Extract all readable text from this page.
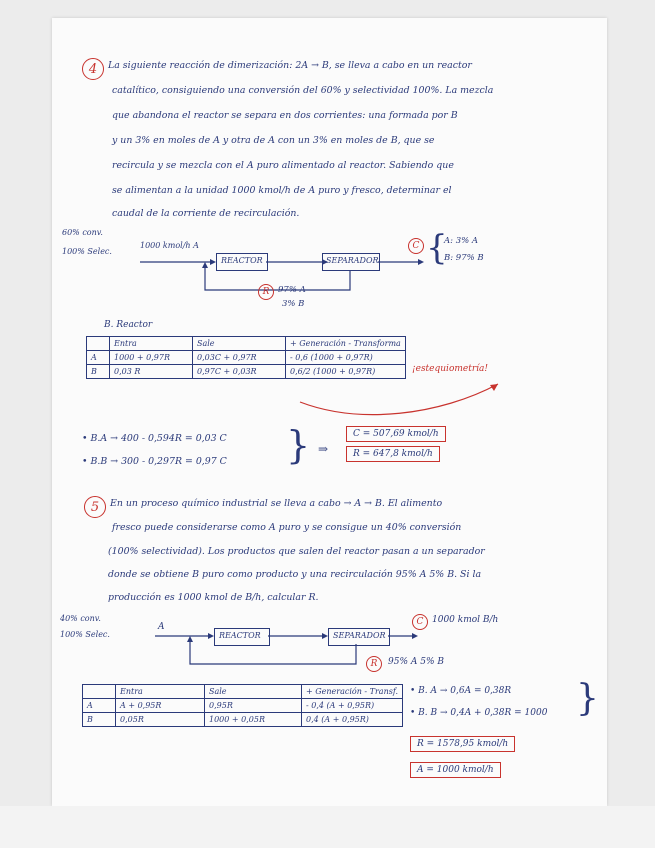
4 La siguiente reacción de dimerización: 2A → B, se lleva a cabo en un reactor
catalítico, consiguiendo una conversión del 60% y selectividad 100%. La mezcla
que abandona el reactor se separa en dos corrientes: una formada por B
y un 3% en moles de A y otra de A con un 3% en moles de B, que se
recircula y se mezcla con el A puro alimentado al reactor. Sabiendo que
se alimentan a la unidad 1000 kmol/h de A puro y fresco, determinar el
caudal de la corriente de recirculación.
60% conv.
100% Selec.
1000 kmol/h A
REACTOR	SEPARADOR
C {
A: 3% A
B: 97% B
R 97% A
3% B
B. Reactor
	Entra	Sale	+ Generación - Transforma
A	1000 + 0,97R	0,03C + 0,97R	- 0,6 (1000 + 0,97R)
B	0,03 R	0,97C + 0,03R	0,6/2 (1000 + 0,97R)	¡estequiometría!
• B.A → 400 - 0,594R = 0,03 C
• B.B → 300 - 0,297R = 0,97 C } ⇒
C = 507,69 kmol/h
R = 647,8 kmol/h
5 En un proceso químico industrial se lleva a cabo → A → B. El alimento
fresco puede considerarse como A puro y se consigue un 40% conversión
(100% selectividad). Los productos que salen del reactor pasan a un separador
donde se obtiene B puro como producto y una recirculación 95% A 5% B. Si la
producción es 1000 kmol de B/h, calcular R.
40% conv.
100% Selec.
A
REACTOR	SEPARADOR
C 1000 kmol B/h
R 95% A 5% B
	Entra	Sale	+ Generación - Transf.
A	A + 0,95R	0,95R	- 0,4 (A + 0,95R)
B	0,05R	1000 + 0,05R	0,4 (A + 0,95R)
• B. A → 0,6A = 0,38R
• B. B → 0,4A + 0,38R = 1000 }
R = 1578,95 kmol/h
A = 1000 kmol/h
